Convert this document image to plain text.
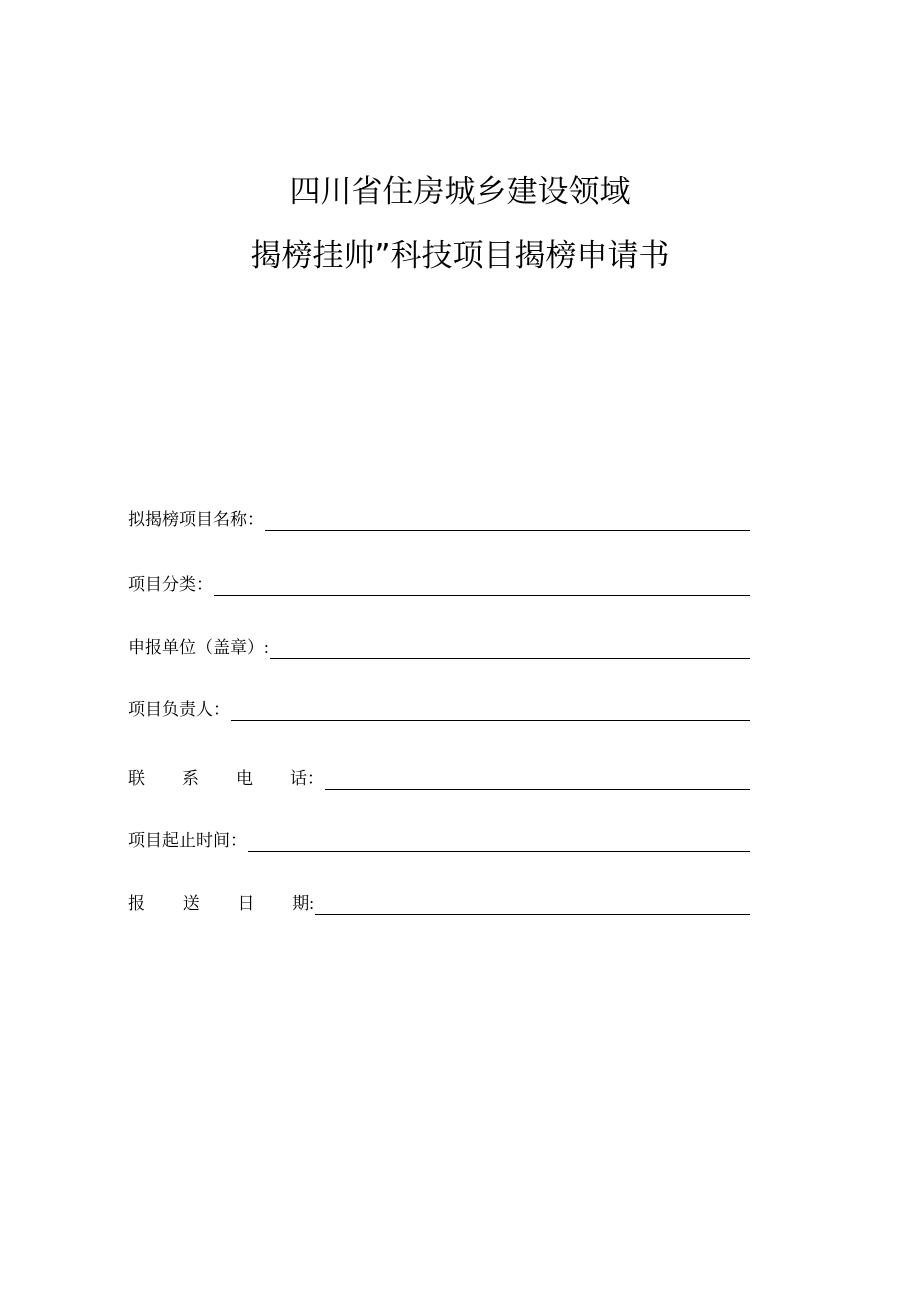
四川省住房城乡建设领域
揭榜挂帅”科技项目揭榜申请书
拟揭榜项目名称：
项目分类：
申报单位（盖章）:
项目负责人：
联 系 电 话：
项目起止时间：
报 送 日 期:
